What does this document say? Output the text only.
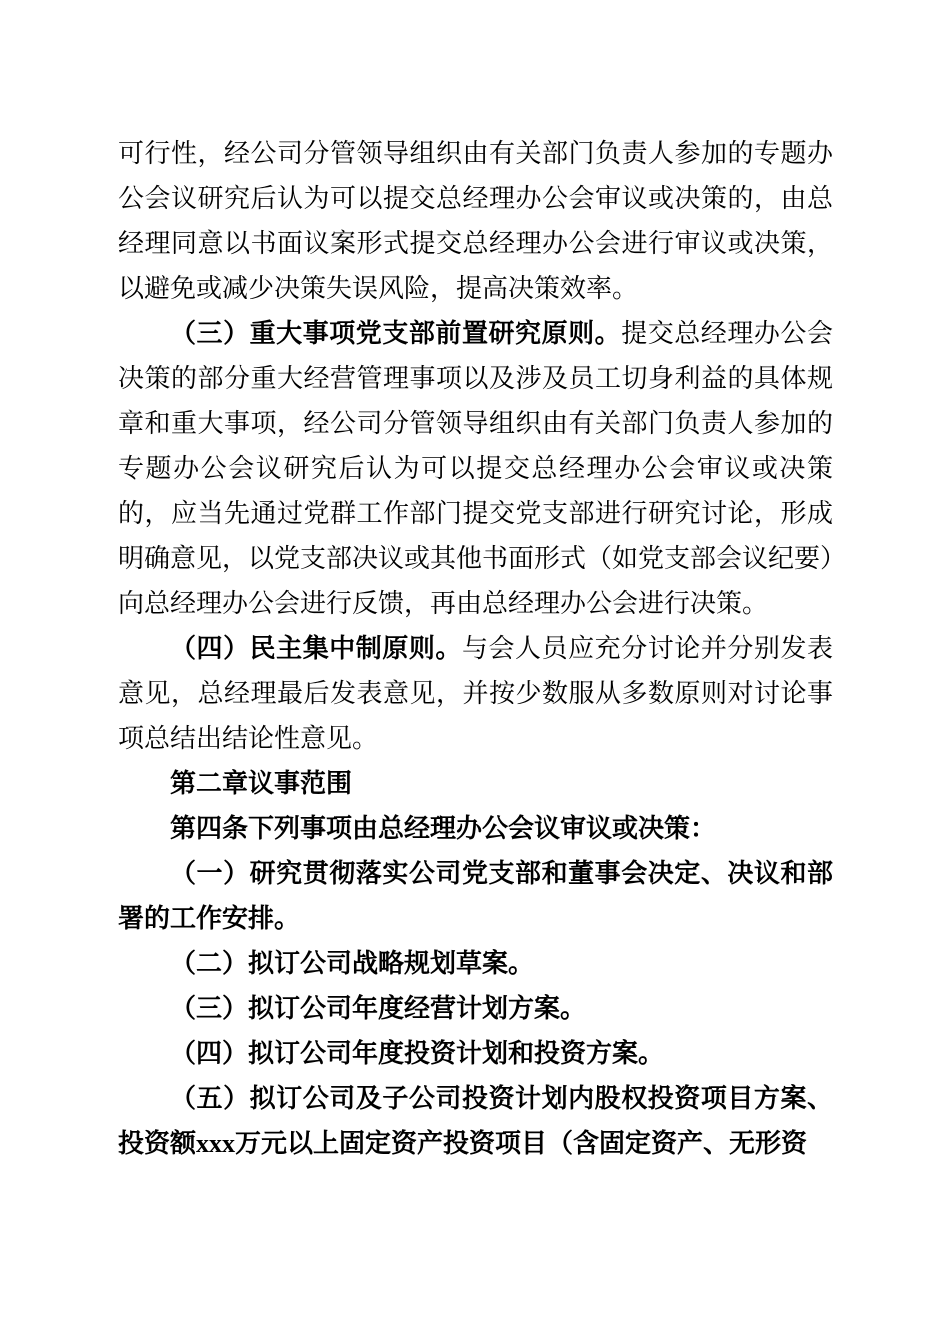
可行性，经公司分管领导组织由有关部门负责人参加的专题办公会议研究后认为可以提交总经理办公会审议或决策的，由总经理同意以书面议案形式提交总经理办公会进行审议或决策，以避免或减少决策失误风险，提高决策效率。

（三）重大事项党支部前置研究原则。提交总经理办公会决策的部分重大经营管理事项以及涉及员工切身利益的具体规章和重大事项，经公司分管领导组织由有关部门负责人参加的专题办公会议研究后认为可以提交总经理办公会审议或决策的，应当先通过党群工作部门提交党支部进行研究讨论，形成明确意见，以党支部决议或其他书面形式（如党支部会议纪要）向总经理办公会进行反馈，再由总经理办公会进行决策。

（四）民主集中制原则。与会人员应充分讨论并分别发表意见，总经理最后发表意见，并按少数服从多数原则对讨论事项总结出结论性意见。

第二章议事范围

第四条下列事项由总经理办公会议审议或决策：

（一）研究贯彻落实公司党支部和董事会决定、决议和部署的工作安排。

（二）拟订公司战略规划草案。

（三）拟订公司年度经营计划方案。

（四）拟订公司年度投资计划和投资方案。

（五）拟订公司及子公司投资计划内股权投资项目方案、投资额xxx万元以上固定资产投资项目（含固定资产、无形资
